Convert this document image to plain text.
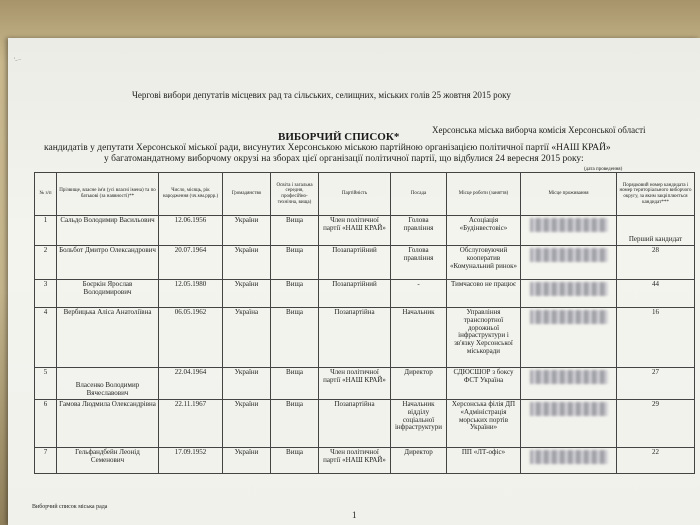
‘_ ...
Чергові вибори депутатів місцевих рад та сільських, селищних, міських голів 25 жовтня 2015 року
Херсонська міська виборча комісія Херсонської області
ВИБОРЧИЙ СПИСОК*
кандидатів у депутати Херсонської міської ради, висунутих Херсонською міською партійною організацією політичної партії «НАШ КРАЙ»
у багатомандатному виборчому окрузі на зборах цієї організації політичної партії, що відбулися 24 вересня 2015 року:
(дата проведення)
№ з/п	Прізвище, власне ім'я (усі власні імена) та по батькові (за наявності)**	Число, місяць, рік народження (чч.мм.рррр.)	Громадянство	Освіта і загальна середня, професійно-технічна, вища)	Партійність	Посада	Місце роботи (заняття)	Місце проживання	Порядковий номер кандидата і номер територіального виборчого округу, за яким закріплюється кандидат***
1	Сальдо Володимир Васильович	12.06.1956	України	Вища	Член політичної партії «НАШ КРАЙ»	Голова правління	Асоціація «Будінвестовіс»		Перший кандидат
2	Больбот Дмитро Олександрович	20.07.1964	України	Вища	Позапартійний	Голова правління	Обслуговуючий кооператив «Комунальний ринок»		28
3	Боєркін Ярослав Володимирович	12.05.1980	України	Вища	Позапартійний	-	Тимчасово не працює		44
4	Вербицька Аліса Анатоліївна	06.05.1962	Україна	Вища	Позапартійна	Начальник	Управління транспортної дорожньої інфраструктури і зв'язку Херсонської міськоради		16
5	Власенко Володимир Вячеславович	22.04.1964	України	Вища	Член політичної партії «НАШ КРАЙ»	Директор	СДЮСШОР з боксу ФСТ Україна		27
6	Гамова Людмила Олександрівна	22.11.1967	України	Вища	Позапартійна	Начальник відділу соціальної інфраструктури	Херсонська філія ДП «Адміністрація морських портів України»		29
7	Гельфандбейн Леонід Семенович	17.09.1952	України	Вища	Член політичної партії «НАШ КРАЙ»	Директор	ПП «ЛТ-офіс»		22
Виборчий список міська рада
1
